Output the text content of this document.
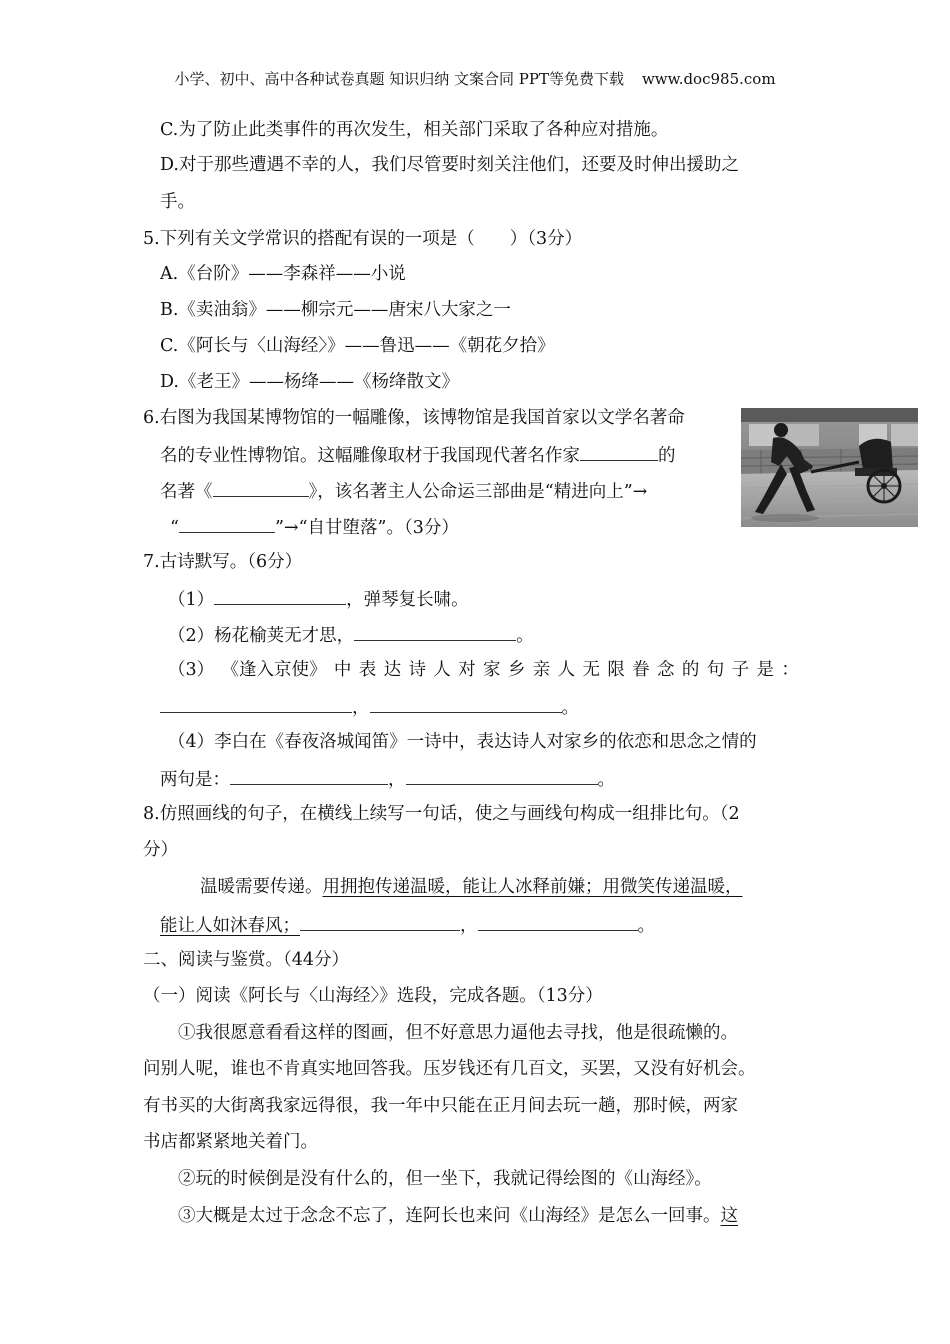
小学、初中、高中各种试卷真题 知识归纳 文案合同 PPT等免费下载 www.doc985.com
C.为了防止此类事件的再次发生，相关部门采取了各种应对措施。
D.对于那些遭遇不幸的人，我们尽管要时刻关注他们，还要及时伸出援助之
手。
5.下列有关文学常识的搭配有误的一项是（　　）（3分）
A.《台阶》——李森祥——小说
B.《卖油翁》——柳宗元——唐宋八大家之一
C.《阿长与〈山海经〉》——鲁迅——《朝花夕拾》
D.《老王》——杨绛——《杨绛散文》
6.右图为我国某博物馆的一幅雕像，该博物馆是我国首家以文学名著命
名的专业性博物馆。这幅雕像取材于我国现代著名作家	的
名著《	》，该名著主人公命运三部曲是“精进向上”→
“	”→“自甘堕落”。（3分）
7.古诗默写。（6分）
（1）	，弹琴复长啸。
（2）杨花榆荚无才思，	。
（3） 《逢入京使》 中 表 达 诗 人 对 家 乡 亲 人 无 限 眷 念 的 句 子 是 ：
，	。
（4）李白在《春夜洛城闻笛》一诗中，表达诗人对家乡的依恋和思念之情的
两句是：	，	。
8.仿照画线的句子，在横线上续写一句话，使之与画线句构成一组排比句。（2
分）
温暖需要传递。用拥抱传递温暖，能让人冰释前嫌；用微笑传递温暖，
能让人如沐春风；	，	。
二、阅读与鉴赏。（44分）
（一）阅读《阿长与〈山海经〉》选段，完成各题。（13分）
①我很愿意看看这样的图画，但不好意思力逼他去寻找，他是很疏懒的。
问别人呢，谁也不肯真实地回答我。压岁钱还有几百文，买罢，又没有好机会。
有书买的大街离我家远得很，我一年中只能在正月间去玩一趟，那时候，两家
书店都紧紧地关着门。
②玩的时候倒是没有什么的，但一坐下，我就记得绘图的《山海经》。
③大概是太过于念念不忘了，连阿长也来问《山海经》是怎么一回事。这
